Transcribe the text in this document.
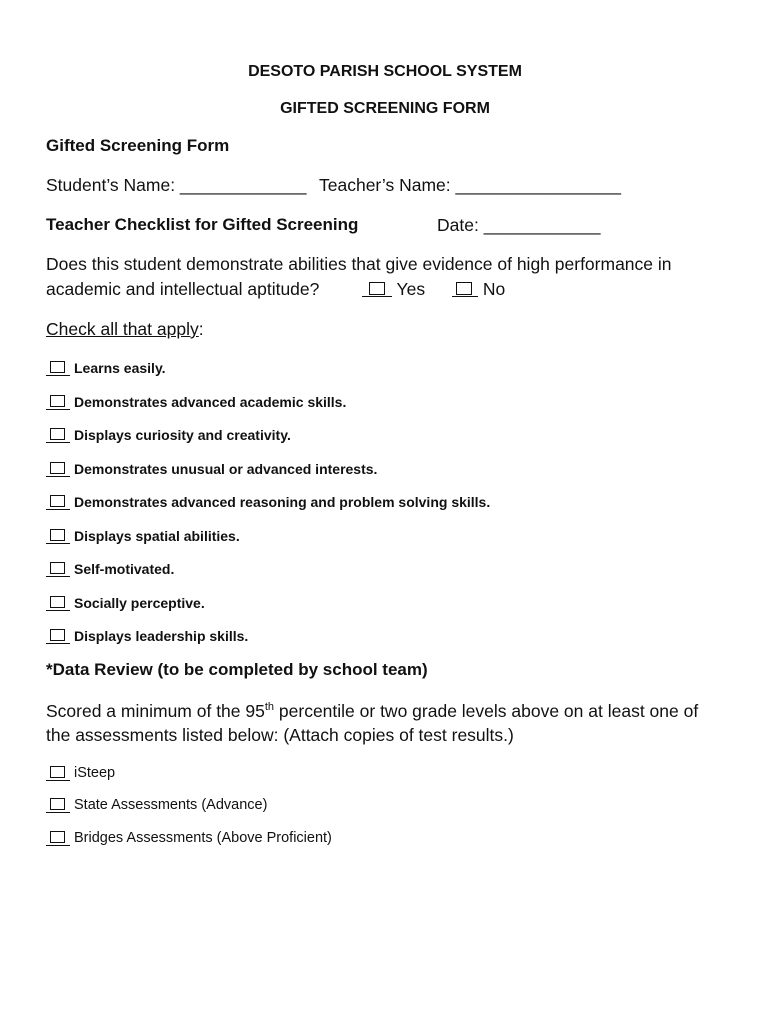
DESOTO PARISH SCHOOL SYSTEM
GIFTED SCREENING FORM
Gifted Screening Form
Student’s Name: _____________ Teacher’s Name: _________________
Teacher Checklist for Gifted Screening	Date: ____________
Does this student demonstrate abilities that give evidence of high performance in
academic and intellectual aptitude?	Yes	No
Check all that apply:
Learns easily.
Demonstrates advanced academic skills.
Displays curiosity and creativity.
Demonstrates unusual or advanced interests.
Demonstrates advanced reasoning and problem solving skills.
Displays spatial abilities.
Self-motivated.
Socially perceptive.
Displays leadership skills.
*Data Review (to be completed by school team)
Scored a minimum of the 95th percentile or two grade levels above on at least one of
the assessments listed below: (Attach copies of test results.)
iSteep
State Assessments (Advance)
Bridges Assessments (Above Proficient)
